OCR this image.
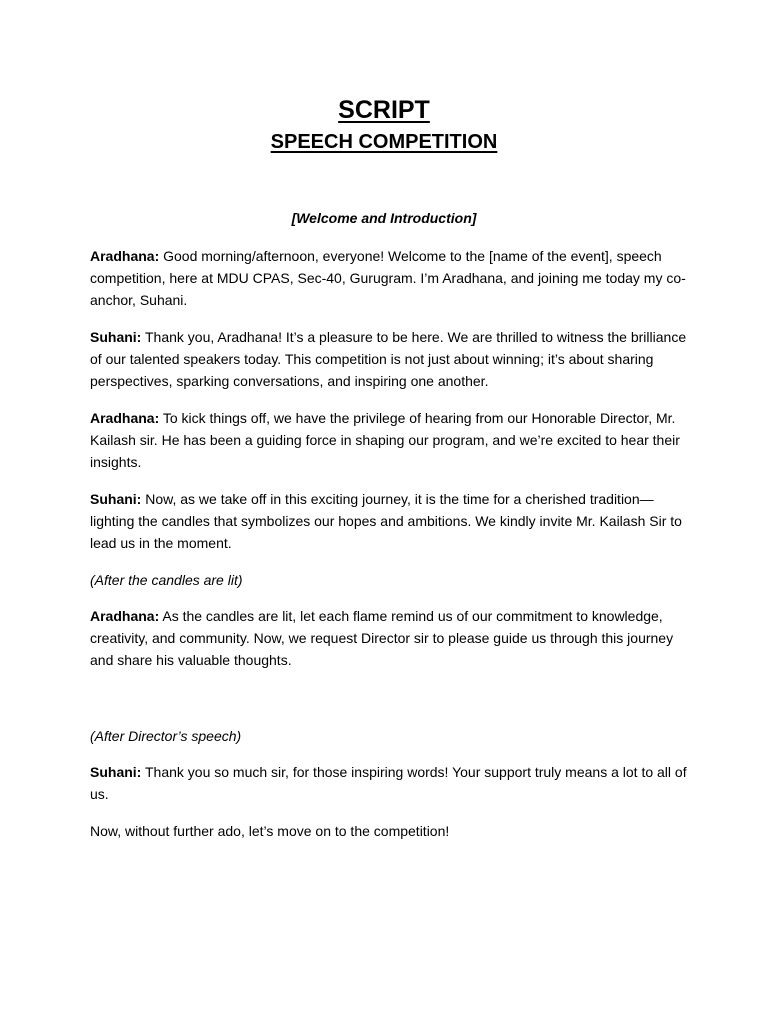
SCRIPT
SPEECH COMPETITION
[Welcome and Introduction]

Aradhana: Good morning/afternoon, everyone! Welcome to the [name of the event], speech competition, here at MDU CPAS, Sec-40, Gurugram. I’m Aradhana, and joining me today my co-anchor, Suhani.

Suhani: Thank you, Aradhana! It’s a pleasure to be here. We are thrilled to witness the brilliance of our talented speakers today. This competition is not just about winning; it’s about sharing perspectives, sparking conversations, and inspiring one another.

Aradhana: To kick things off, we have the privilege of hearing from our Honorable Director, Mr. Kailash sir. He has been a guiding force in shaping our program, and we’re excited to hear their insights.

Suhani: Now, as we take off in this exciting journey, it is the time for a cherished tradition—lighting the candles that symbolizes our hopes and ambitions. We kindly invite Mr. Kailash Sir to lead us in the moment.

(After the candles are lit)

Aradhana: As the candles are lit, let each flame remind us of our commitment to knowledge, creativity, and community. Now, we request Director sir to please guide us through this journey and share his valuable thoughts.

(After Director’s speech)

Suhani: Thank you so much sir, for those inspiring words! Your support truly means a lot to all of us.

Now, without further ado, let’s move on to the competition!
